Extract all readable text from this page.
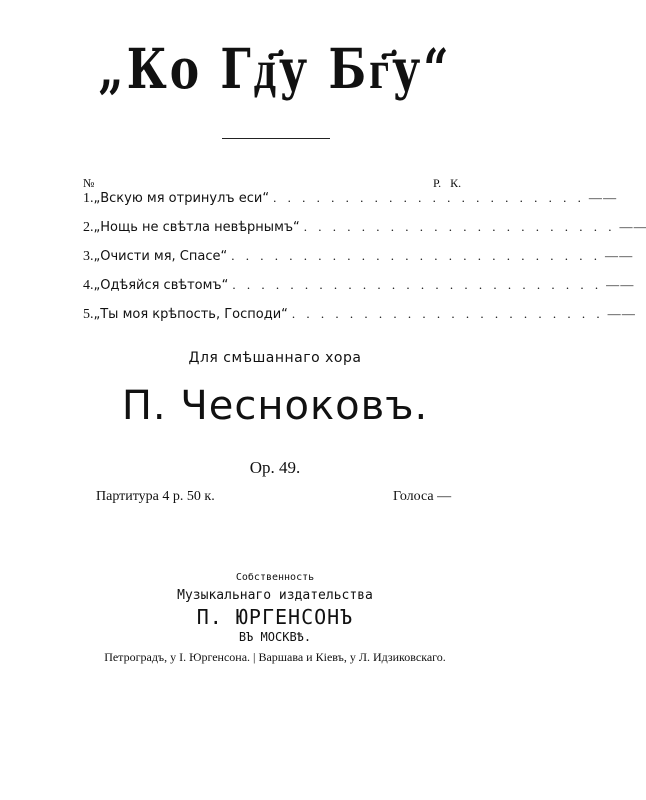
„Ко Гд҃҃у Бг҃у“
№	Р. К.
1. „Вскую мя отринулъ еси“ . . . . . . . . . . . . . . . . . . . . . . — —
2. „Нощь не свѣтла невѣрнымъ“ . . . . . . . . . . . . . . . . . . . . . . — —
3. „Очисти мя, Спасе“ . . . . . . . . . . . . . . . . . . . . . . . . . . — —
4. „Одѣяйся свѣтомъ“ . . . . . . . . . . . . . . . . . . . . . . . . . . — —
5. „Ты моя крѣпость, Господи“ . . . . . . . . . . . . . . . . . . . . . . — —
Для смѣшаннаго хора
П. Чесноковъ.
Ор. 49.
Партитура 4 р. 50 к.	Голоса —
Собственность
Музыкальнаго издательства
П. ЮРГЕНСОНЪ
ВЪ МОСКВѢ.
Петроградъ, у І. Юргенсона. | Варшава и Кіевъ, у Л. Идзиковскаго.
